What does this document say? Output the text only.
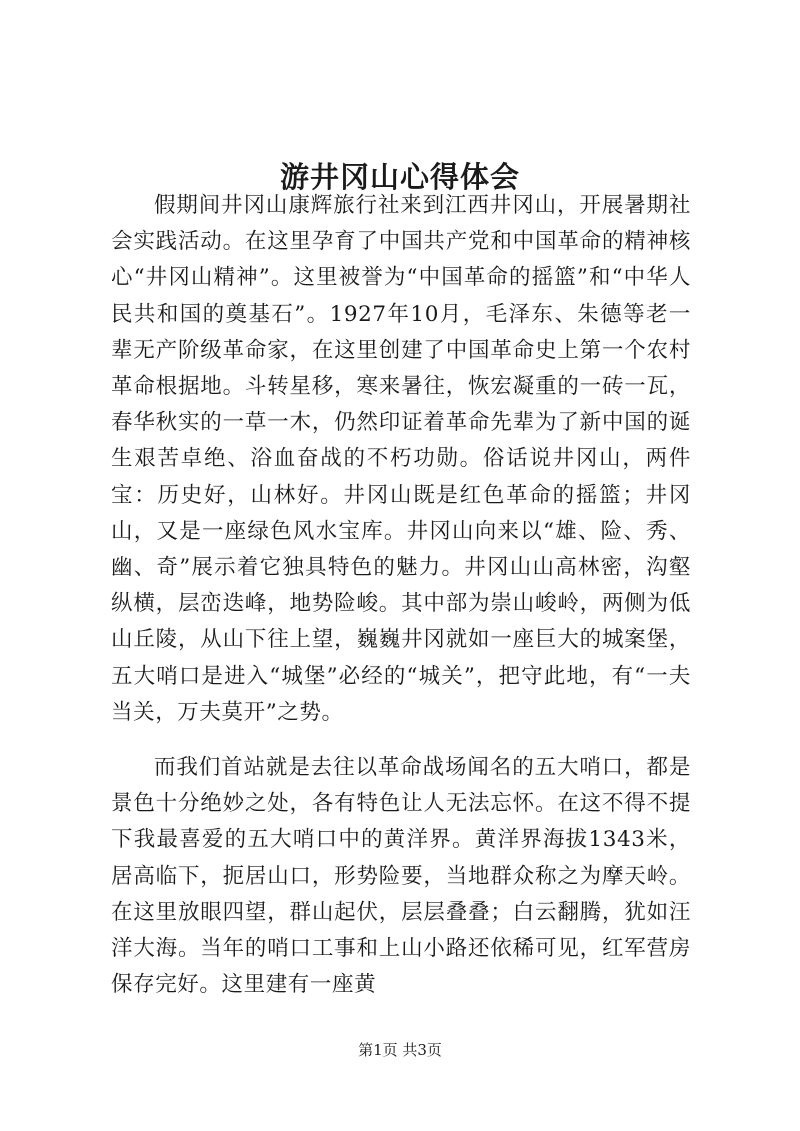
游井冈山心得体会

假期间井冈山康辉旅行社来到江西井冈山，开展暑期社会实践活动。在这里孕育了中国共产党和中国革命的精神核心“井冈山精神”。这里被誉为“中国革命的摇篮”和“中华人民共和国的奠基石”。1927年10月，毛泽东、朱德等老一辈无产阶级革命家，在这里创建了中国革命史上第一个农村革命根据地。斗转星移，寒来暑往，恢宏凝重的一砖一瓦，春华秋实的一草一木，仍然印证着革命先辈为了新中国的诞生艰苦卓绝、浴血奋战的不朽功勋。俗话说井冈山，两件宝：历史好，山林好。井冈山既是红色革命的摇篮；井冈山，又是一座绿色风水宝库。井冈山向来以“雄、险、秀、幽、奇”展示着它独具特色的魅力。井冈山山高林密，沟壑纵横，层峦迭峰，地势险峻。其中部为崇山峻岭，两侧为低山丘陵，从山下往上望，巍巍井冈就如一座巨大的城案堡，五大哨口是进入“城堡”必经的“城关”，把守此地，有“一夫当关，万夫莫开”之势。

而我们首站就是去往以革命战场闻名的五大哨口，都是景色十分绝妙之处，各有特色让人无法忘怀。在这不得不提下我最喜爱的五大哨口中的黄洋界。黄洋界海拔1343米，居高临下，扼居山口，形势险要，当地群众称之为摩天岭。在这里放眼四望，群山起伏，层层叠叠；白云翻腾，犹如汪洋大海。当年的哨口工事和上山小路还依稀可见，红军营房保存完好。这里建有一座黄

第1页 共3页
